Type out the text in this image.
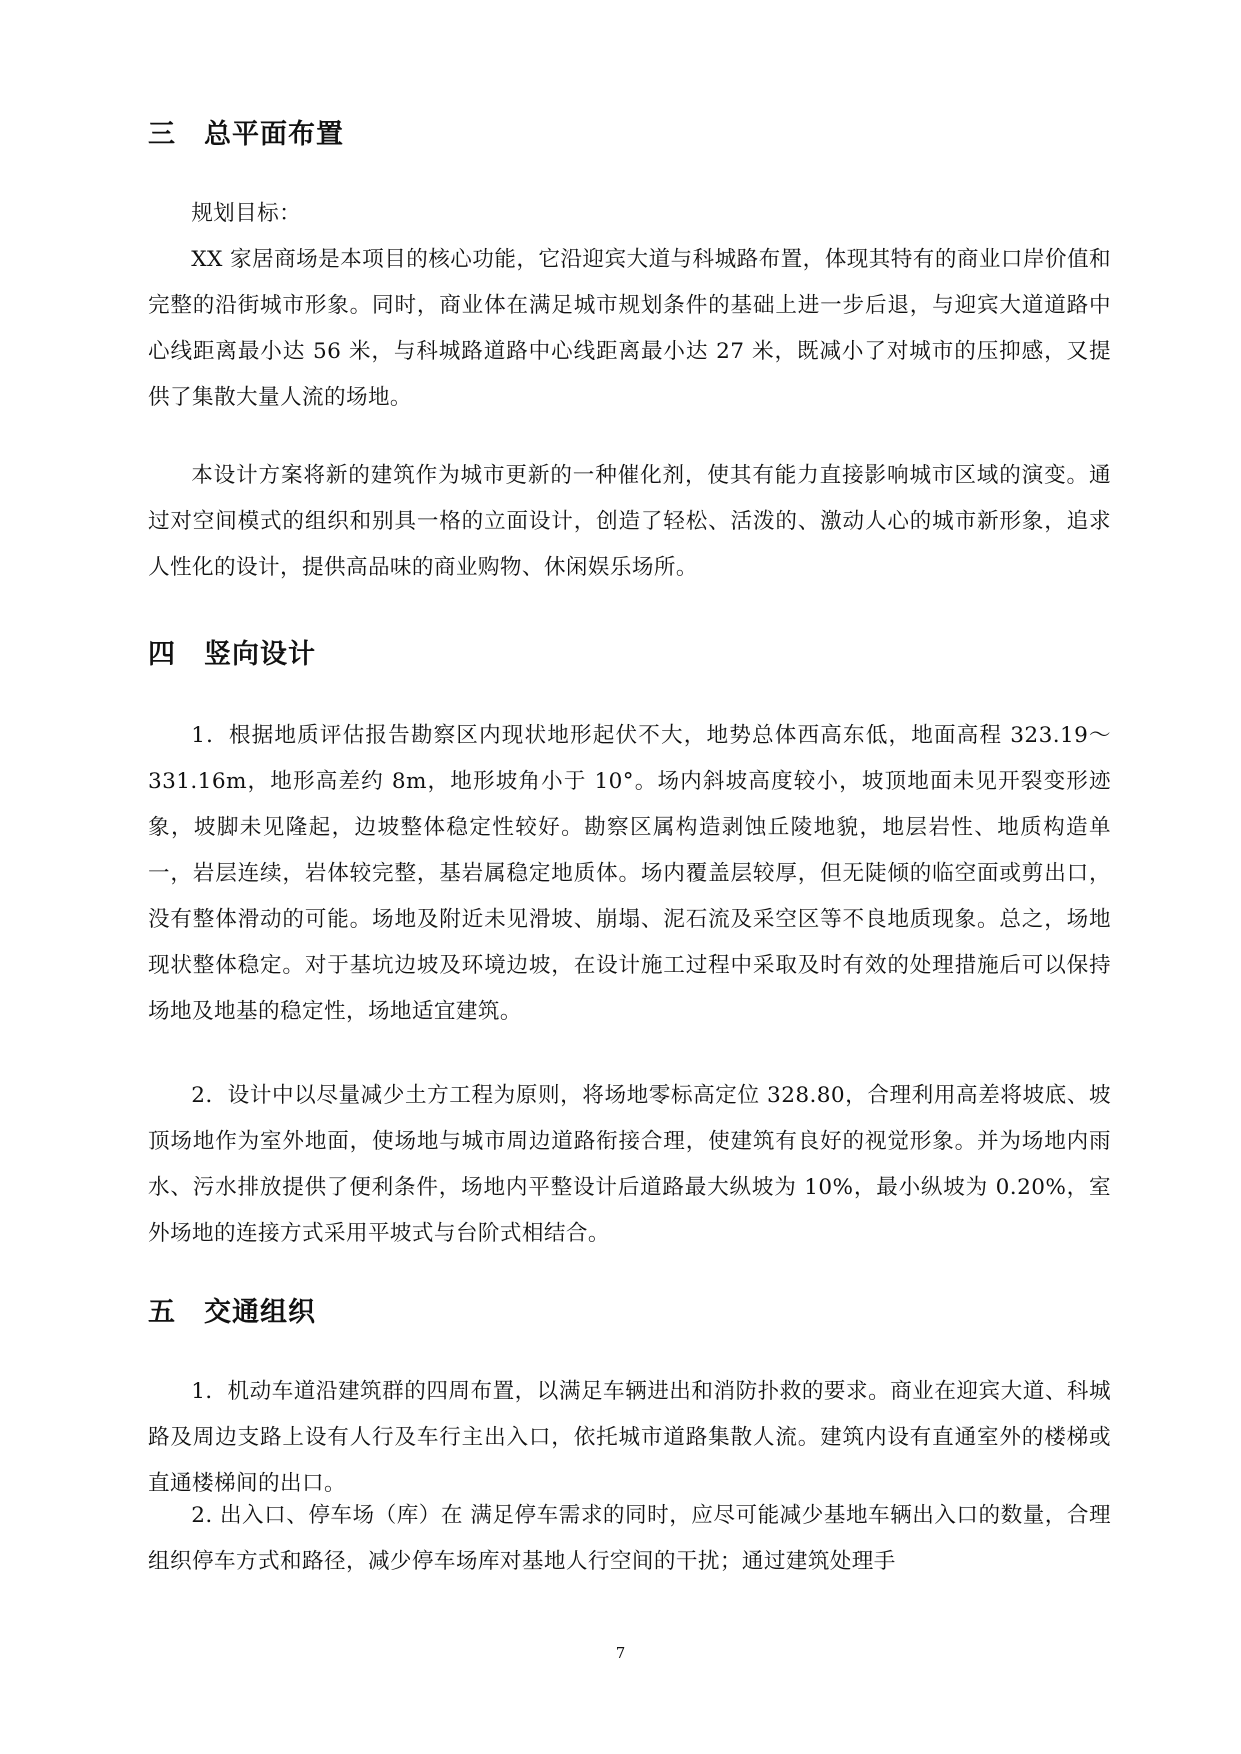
三 总平面布置

规划目标：

XX 家居商场是本项目的核心功能，它沿迎宾大道与科城路布置，体现其特有的商业口岸价值和完整的沿街城市形象。同时，商业体在满足城市规划条件的基础上进一步后退，与迎宾大道道路中心线距离最小达 56 米，与科城路道路中心线距离最小达 27 米，既减小了对城市的压抑感，又提供了集散大量人流的场地。

本设计方案将新的建筑作为城市更新的一种催化剂，使其有能力直接影响城市区域的演变。通过对空间模式的组织和别具一格的立面设计，创造了轻松、活泼的、激动人心的城市新形象，追求人性化的设计，提供高品味的商业购物、休闲娱乐场所。

四 竖向设计

1．根据地质评估报告勘察区内现状地形起伏不大，地势总体西高东低，地面高程 323.19～331.16m，地形高差约 8m，地形坡角小于 10°。场内斜坡高度较小，坡顶地面未见开裂变形迹象，坡脚未见隆起，边坡整体稳定性较好。勘察区属构造剥蚀丘陵地貌，地层岩性、地质构造单一，岩层连续，岩体较完整，基岩属稳定地质体。场内覆盖层较厚，但无陡倾的临空面或剪出口，没有整体滑动的可能。场地及附近未见滑坡、崩塌、泥石流及采空区等不良地质现象。总之，场地现状整体稳定。对于基坑边坡及环境边坡，在设计施工过程中采取及时有效的处理措施后可以保持场地及地基的稳定性，场地适宜建筑。

2．设计中以尽量减少土方工程为原则，将场地零标高定位 328.80，合理利用高差将坡底、坡顶场地作为室外地面，使场地与城市周边道路衔接合理，使建筑有良好的视觉形象。并为场地内雨水、污水排放提供了便利条件，场地内平整设计后道路最大纵坡为 10%，最小纵坡为 0.20%，室外场地的连接方式采用平坡式与台阶式相结合。

五 交通组织

1．机动车道沿建筑群的四周布置，以满足车辆进出和消防扑救的要求。商业在迎宾大道、科城路及周边支路上设有人行及车行主出入口，依托城市道路集散人流。建筑内设有直通室外的楼梯或直通楼梯间的出口。

2. 出入口、停车场（库）在 满足停车需求的同时，应尽可能减少基地车辆出入口的数量，合理组织停车方式和路径，减少停车场库对基地人行空间的干扰；通过建筑处理手

7
